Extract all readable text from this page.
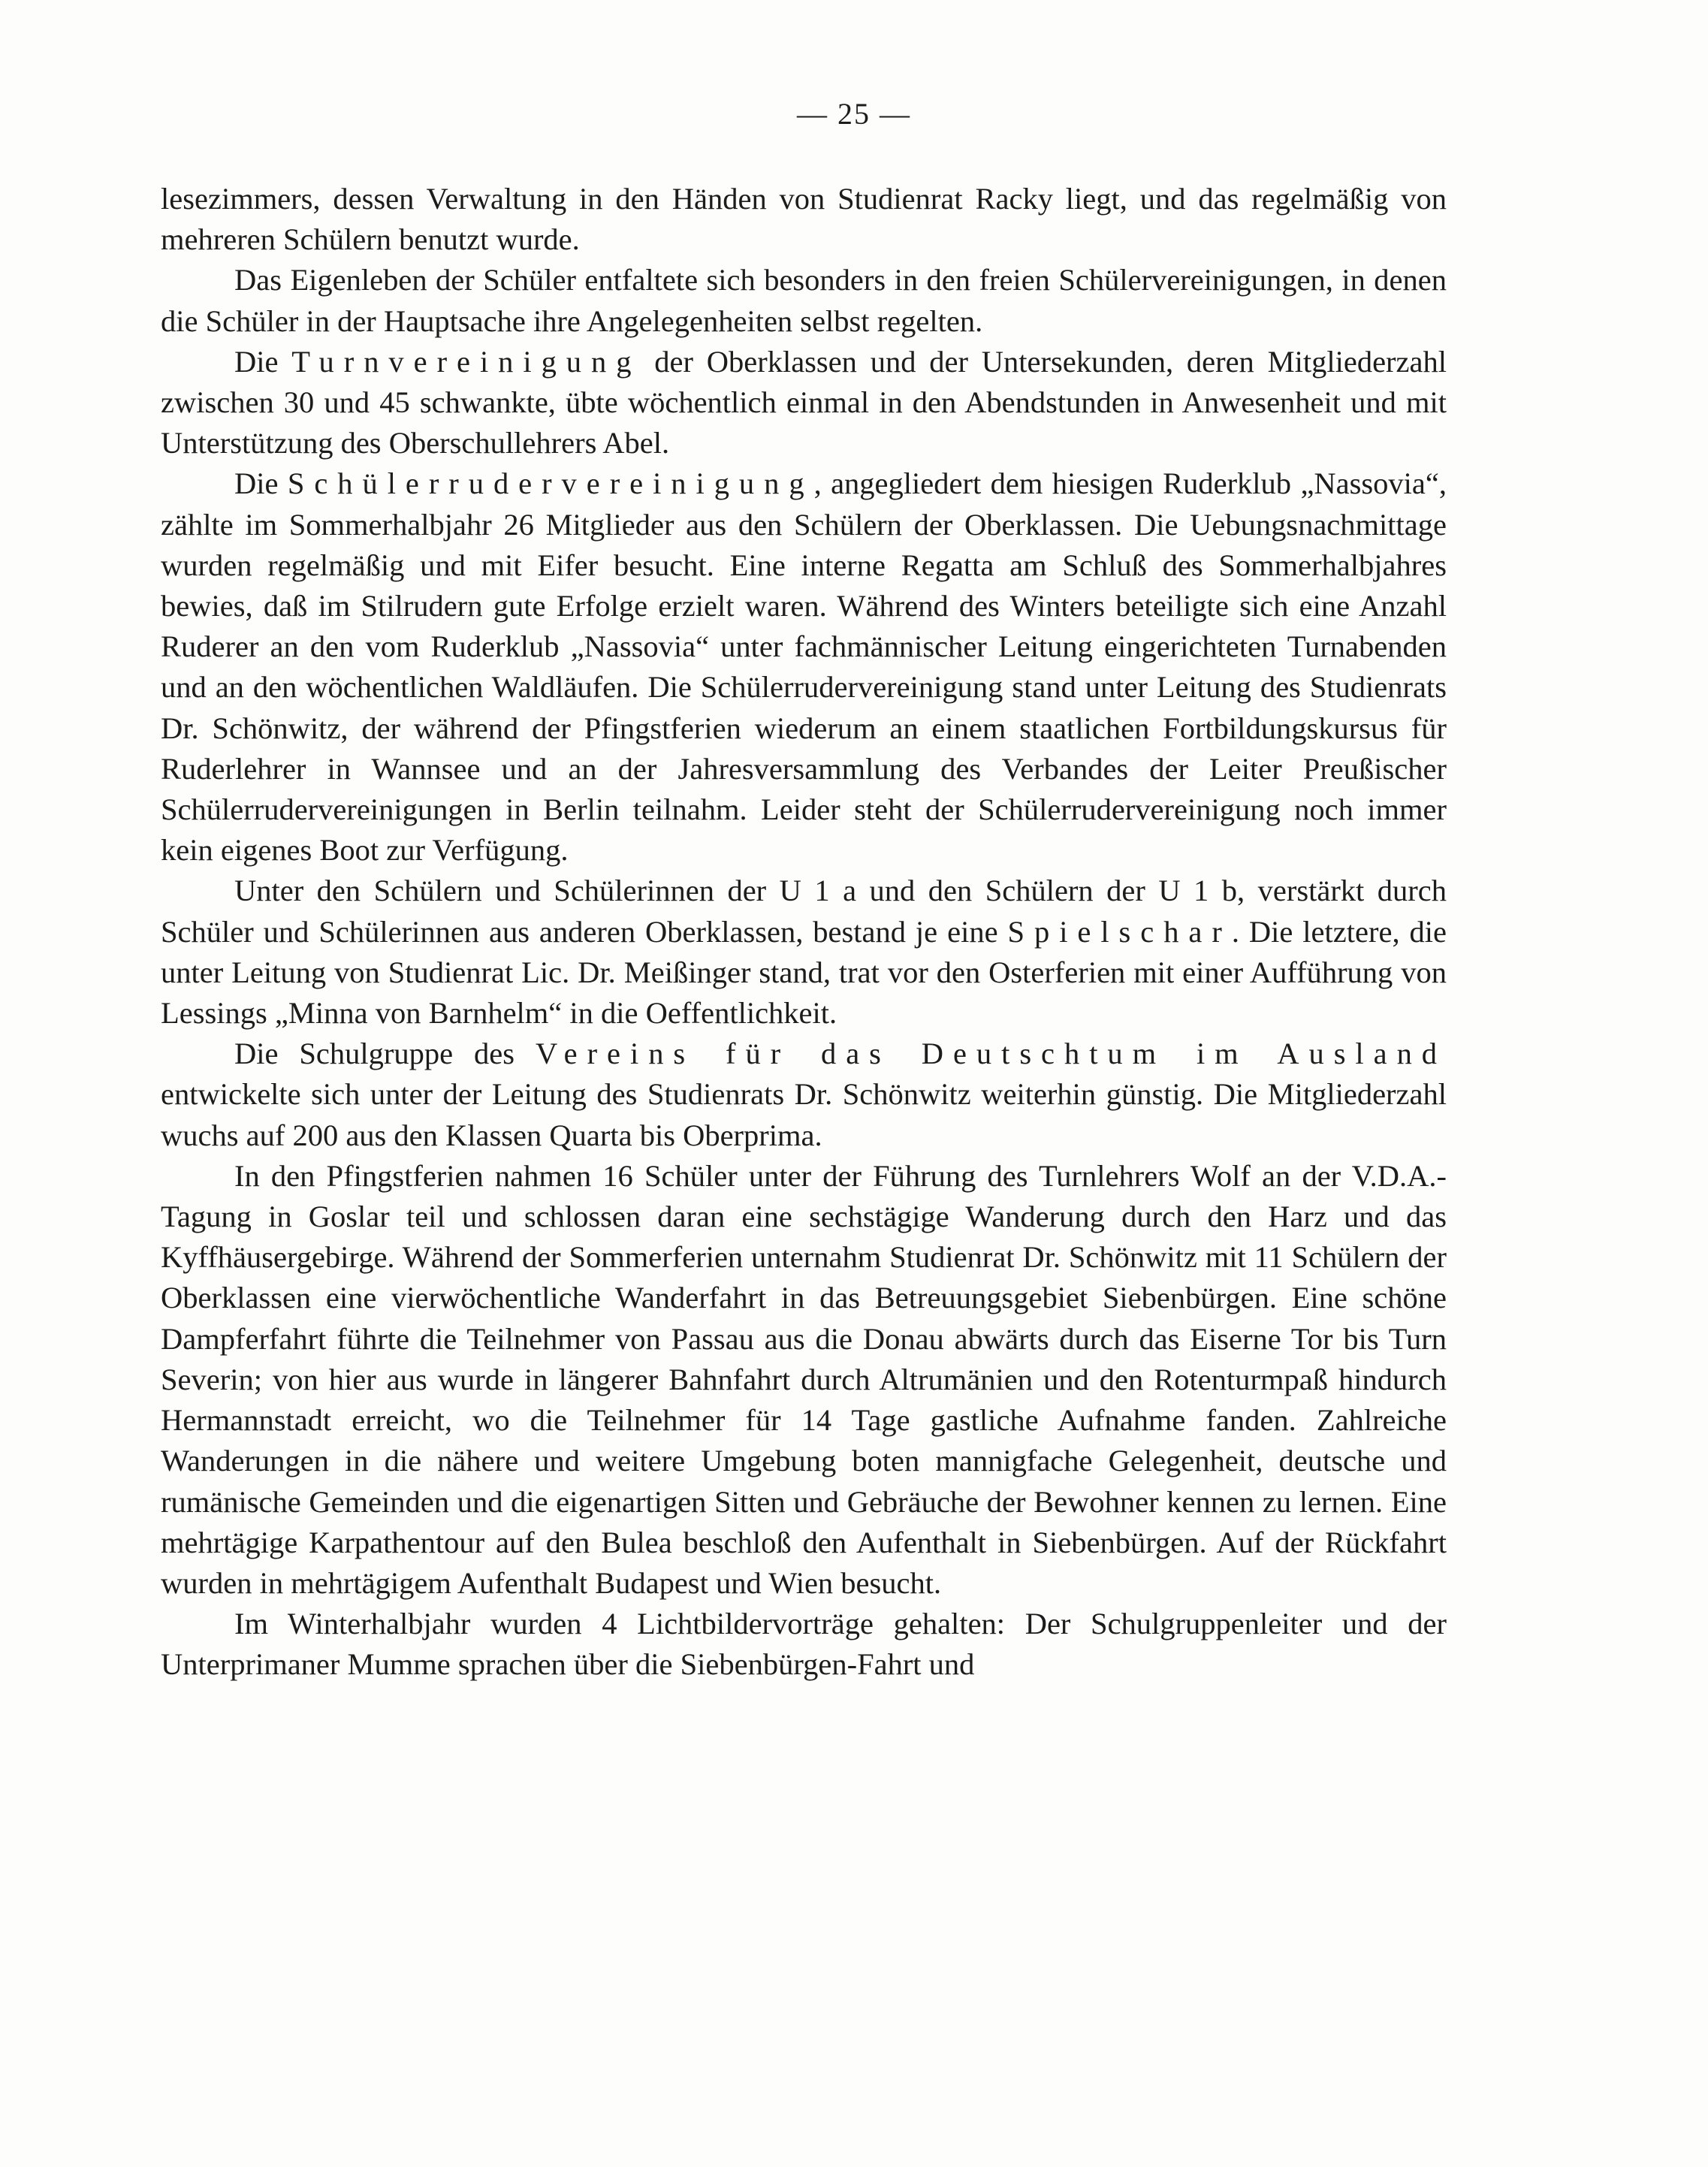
— 25 —

lesezimmers, dessen Verwaltung in den Händen von Studienrat Racky liegt, und das regelmäßig von mehreren Schülern benutzt wurde.

Das Eigenleben der Schüler entfaltete sich besonders in den freien Schülervereinigungen, in denen die Schüler in der Hauptsache ihre Angelegenheiten selbst regelten.

Die Turnvereinigung der Oberklassen und der Untersekunden, deren Mitgliederzahl zwischen 30 und 45 schwankte, übte wöchentlich einmal in den Abendstunden in Anwesenheit und mit Unterstützung des Oberschullehrers Abel.

Die Schülerrudervereinigung, angegliedert dem hiesigen Ruderklub „Nassovia“, zählte im Sommerhalbjahr 26 Mitglieder aus den Schülern der Oberklassen. Die Uebungsnachmittage wurden regelmäßig und mit Eifer besucht. Eine interne Regatta am Schluß des Sommerhalbjahres bewies, daß im Stilrudern gute Erfolge erzielt waren. Während des Winters beteiligte sich eine Anzahl Ruderer an den vom Ruderklub „Nassovia“ unter fachmännischer Leitung eingerichteten Turnabenden und an den wöchentlichen Waldläufen. Die Schülerrudervereinigung stand unter Leitung des Studienrats Dr. Schönwitz, der während der Pfingstferien wiederum an einem staatlichen Fortbildungskursus für Ruderlehrer in Wannsee und an der Jahresversammlung des Verbandes der Leiter Preußischer Schülerrudervereinigungen in Berlin teilnahm. Leider steht der Schülerrudervereinigung noch immer kein eigenes Boot zur Verfügung.

Unter den Schülern und Schülerinnen der U 1 a und den Schülern der U 1 b, verstärkt durch Schüler und Schülerinnen aus anderen Oberklassen, bestand je eine Spielschar. Die letztere, die unter Leitung von Studienrat Lic. Dr. Meißinger stand, trat vor den Osterferien mit einer Aufführung von Lessings „Minna von Barnhelm“ in die Oeffentlichkeit.

Die Schulgruppe des Vereins für das Deutschtum im Ausland entwickelte sich unter der Leitung des Studienrats Dr. Schönwitz weiterhin günstig. Die Mitgliederzahl wuchs auf 200 aus den Klassen Quarta bis Oberprima.

In den Pfingstferien nahmen 16 Schüler unter der Führung des Turnlehrers Wolf an der V.D.A.-Tagung in Goslar teil und schlossen daran eine sechstägige Wanderung durch den Harz und das Kyffhäusergebirge. Während der Sommerferien unternahm Studienrat Dr. Schönwitz mit 11 Schülern der Oberklassen eine vierwöchentliche Wanderfahrt in das Betreuungsgebiet Siebenbürgen. Eine schöne Dampferfahrt führte die Teilnehmer von Passau aus die Donau abwärts durch das Eiserne Tor bis Turn Severin; von hier aus wurde in längerer Bahnfahrt durch Altrumänien und den Rotenturmpaß hindurch Hermannstadt erreicht, wo die Teilnehmer für 14 Tage gastliche Aufnahme fanden. Zahlreiche Wanderungen in die nähere und weitere Umgebung boten mannigfache Gelegenheit, deutsche und rumänische Gemeinden und die eigenartigen Sitten und Gebräuche der Bewohner kennen zu lernen. Eine mehrtägige Karpathentour auf den Bulea beschloß den Aufenthalt in Siebenbürgen. Auf der Rückfahrt wurden in mehrtägigem Aufenthalt Budapest und Wien besucht.

Im Winterhalbjahr wurden 4 Lichtbildervorträge gehalten: Der Schulgruppenleiter und der Unterprimaner Mumme sprachen über die Siebenbürgen-Fahrt und
